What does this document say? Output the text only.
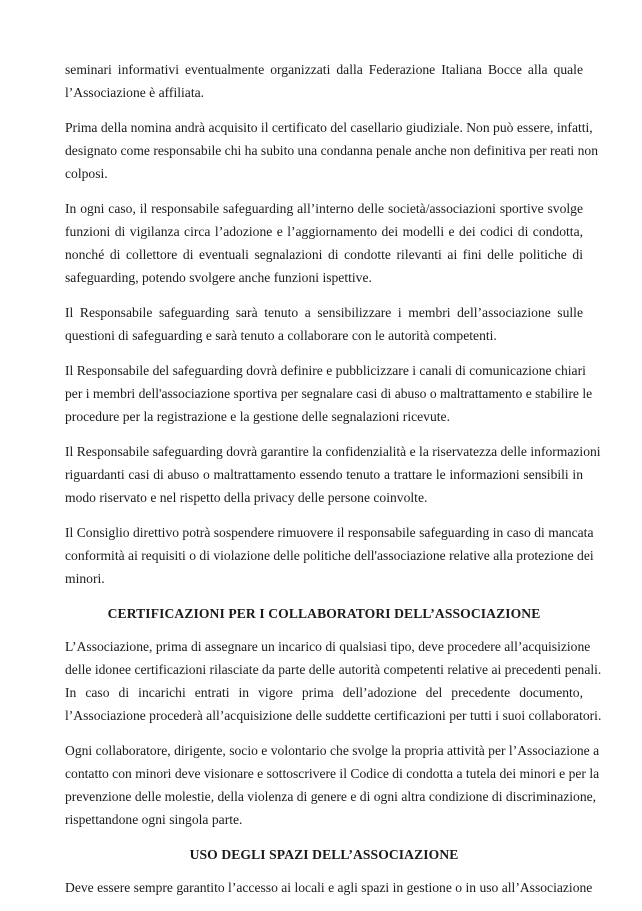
seminari informativi eventualmente organizzati dalla Federazione Italiana Bocce alla quale
l’Associazione è affiliata.
Prima della nomina andrà acquisito il certificato del casellario giudiziale. Non può essere, infatti,
designato come responsabile chi ha subito una condanna penale anche non definitiva per reati non
colposi.
In ogni caso, il responsabile safeguarding all’interno delle società/associazioni sportive svolge
funzioni di vigilanza circa l’adozione e l’aggiornamento dei modelli e dei codici di condotta,
nonché di collettore di eventuali segnalazioni di condotte rilevanti ai fini delle politiche di
safeguarding, potendo svolgere anche funzioni ispettive.
Il Responsabile safeguarding sarà tenuto a sensibilizzare i membri dell’associazione sulle
questioni di safeguarding e sarà tenuto a collaborare con le autorità competenti.
Il Responsabile del safeguarding dovrà definire e pubblicizzare i canali di comunicazione chiari
per i membri dell'associazione sportiva per segnalare casi di abuso o maltrattamento e stabilire le
procedure per la registrazione e la gestione delle segnalazioni ricevute.
Il Responsabile safeguarding dovrà garantire la confidenzialità e la riservatezza delle informazioni
riguardanti casi di abuso o maltrattamento essendo tenuto a trattare le informazioni sensibili in
modo riservato e nel rispetto della privacy delle persone coinvolte.
Il Consiglio direttivo potrà sospendere rimuovere il responsabile safeguarding in caso di mancata
conformità ai requisiti o di violazione delle politiche dell'associazione relative alla protezione dei
minori.
CERTIFICAZIONI PER I COLLABORATORI DELL’ASSOCIAZIONE
L’Associazione, prima di assegnare un incarico di qualsiasi tipo, deve procedere all’acquisizione
delle idonee certificazioni rilasciate da parte delle autorità competenti relative ai precedenti penali.
In caso di incarichi entrati in vigore prima dell’adozione del precedente documento,
l’Associazione procederà all’acquisizione delle suddette certificazioni per tutti i suoi collaboratori.
Ogni collaboratore, dirigente, socio e volontario che svolge la propria attività per l’Associazione a
contatto con minori deve visionare e sottoscrivere il Codice di condotta a tutela dei minori e per la
prevenzione delle molestie, della violenza di genere e di ogni altra condizione di discriminazione,
rispettandone ogni singola parte.
USO DEGLI SPAZI DELL’ASSOCIAZIONE
Deve essere sempre garantito l’accesso ai locali e agli spazi in gestione o in uso all’Associazione
